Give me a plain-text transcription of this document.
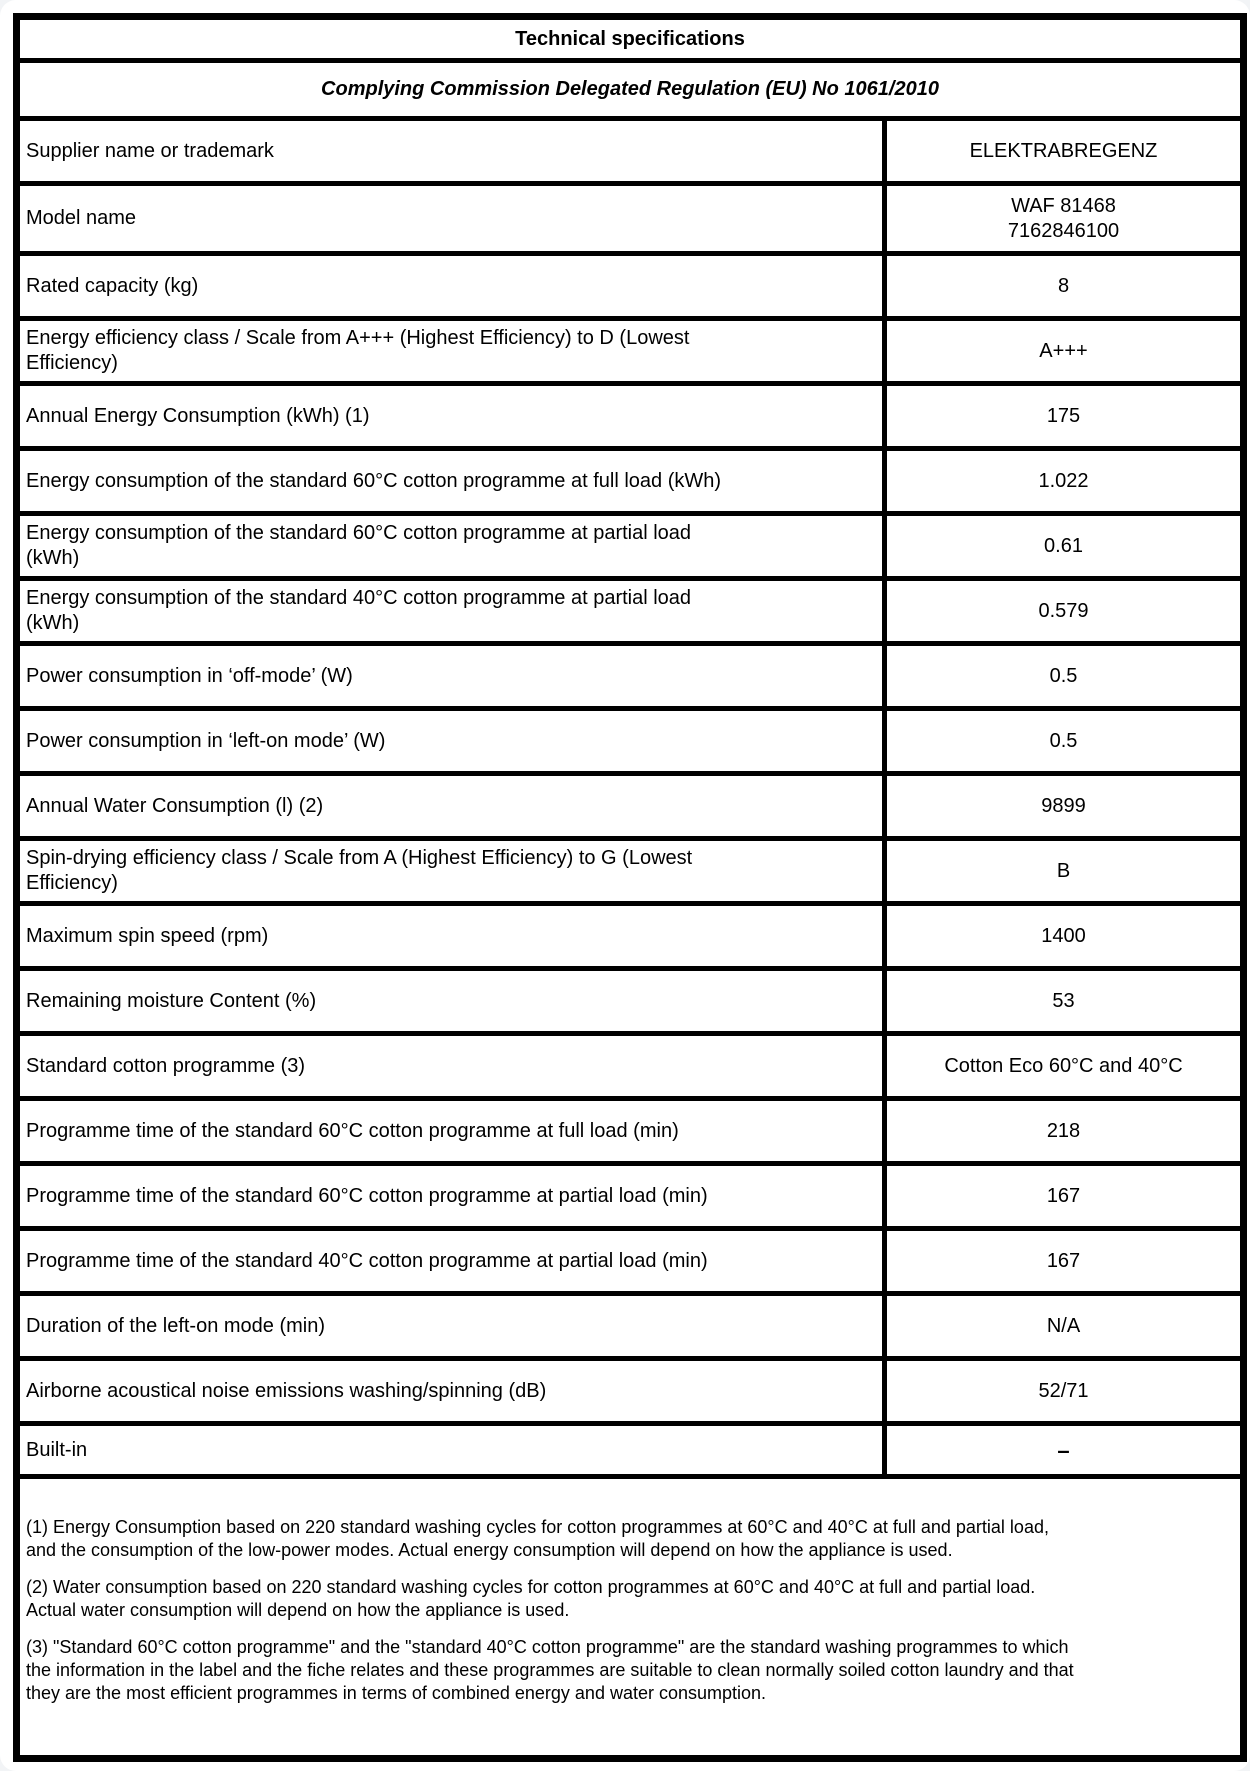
Technical specifications	
Complying Commission Delegated Regulation (EU) No 1061/2010	
Supplier name or trademark	ELEKTRABREGENZ
Model name	WAF 81468
7162846100
Rated capacity (kg)	8
Energy efficiency class / Scale from A+++ (Highest Efficiency) to D (Lowest
Efficiency)	A+++
Annual Energy Consumption (kWh) (1)	175
Energy consumption of the standard 60°C cotton programme at full load (kWh)	1.022
Energy consumption of the standard 60°C cotton programme at partial load
(kWh)	0.61
Energy consumption of the standard 40°C cotton programme at partial load
(kWh)	0.579
Power consumption in ‘off-mode’ (W)	0.5
Power consumption in ‘left-on mode’ (W)	0.5
Annual Water Consumption (l) (2)	9899
Spin-drying efficiency class / Scale from A (Highest Efficiency) to G (Lowest
Efficiency)	B
Maximum spin speed (rpm)	1400
Remaining moisture Content (%)	53
Standard cotton programme (3)	Cotton Eco 60°C and 40°C
Programme time of the standard 60°C cotton programme at full load (min)	218
Programme time of the standard 60°C cotton programme at partial load (min)	167
Programme time of the standard 40°C cotton programme at partial load (min)	167
Duration of the left-on mode (min)	N/A
Airborne acoustical noise emissions washing/spinning (dB)	52/71
Built-in	–

(1) Energy Consumption based on 220 standard washing cycles for cotton programmes at 60°C and 40°C at full and partial load,
and the consumption of the low-power modes. Actual energy consumption will depend on how the appliance is used.

(2) Water consumption based on 220 standard washing cycles for cotton programmes at 60°C and 40°C at full and partial load.
Actual water consumption will depend on how the appliance is used.

(3) "Standard 60°C cotton programme" and the "standard 40°C cotton programme" are the standard washing programmes to which
the information in the label and the fiche relates and these programmes are suitable to clean normally soiled cotton laundry and that
they are the most efficient programmes in terms of combined energy and water consumption.
